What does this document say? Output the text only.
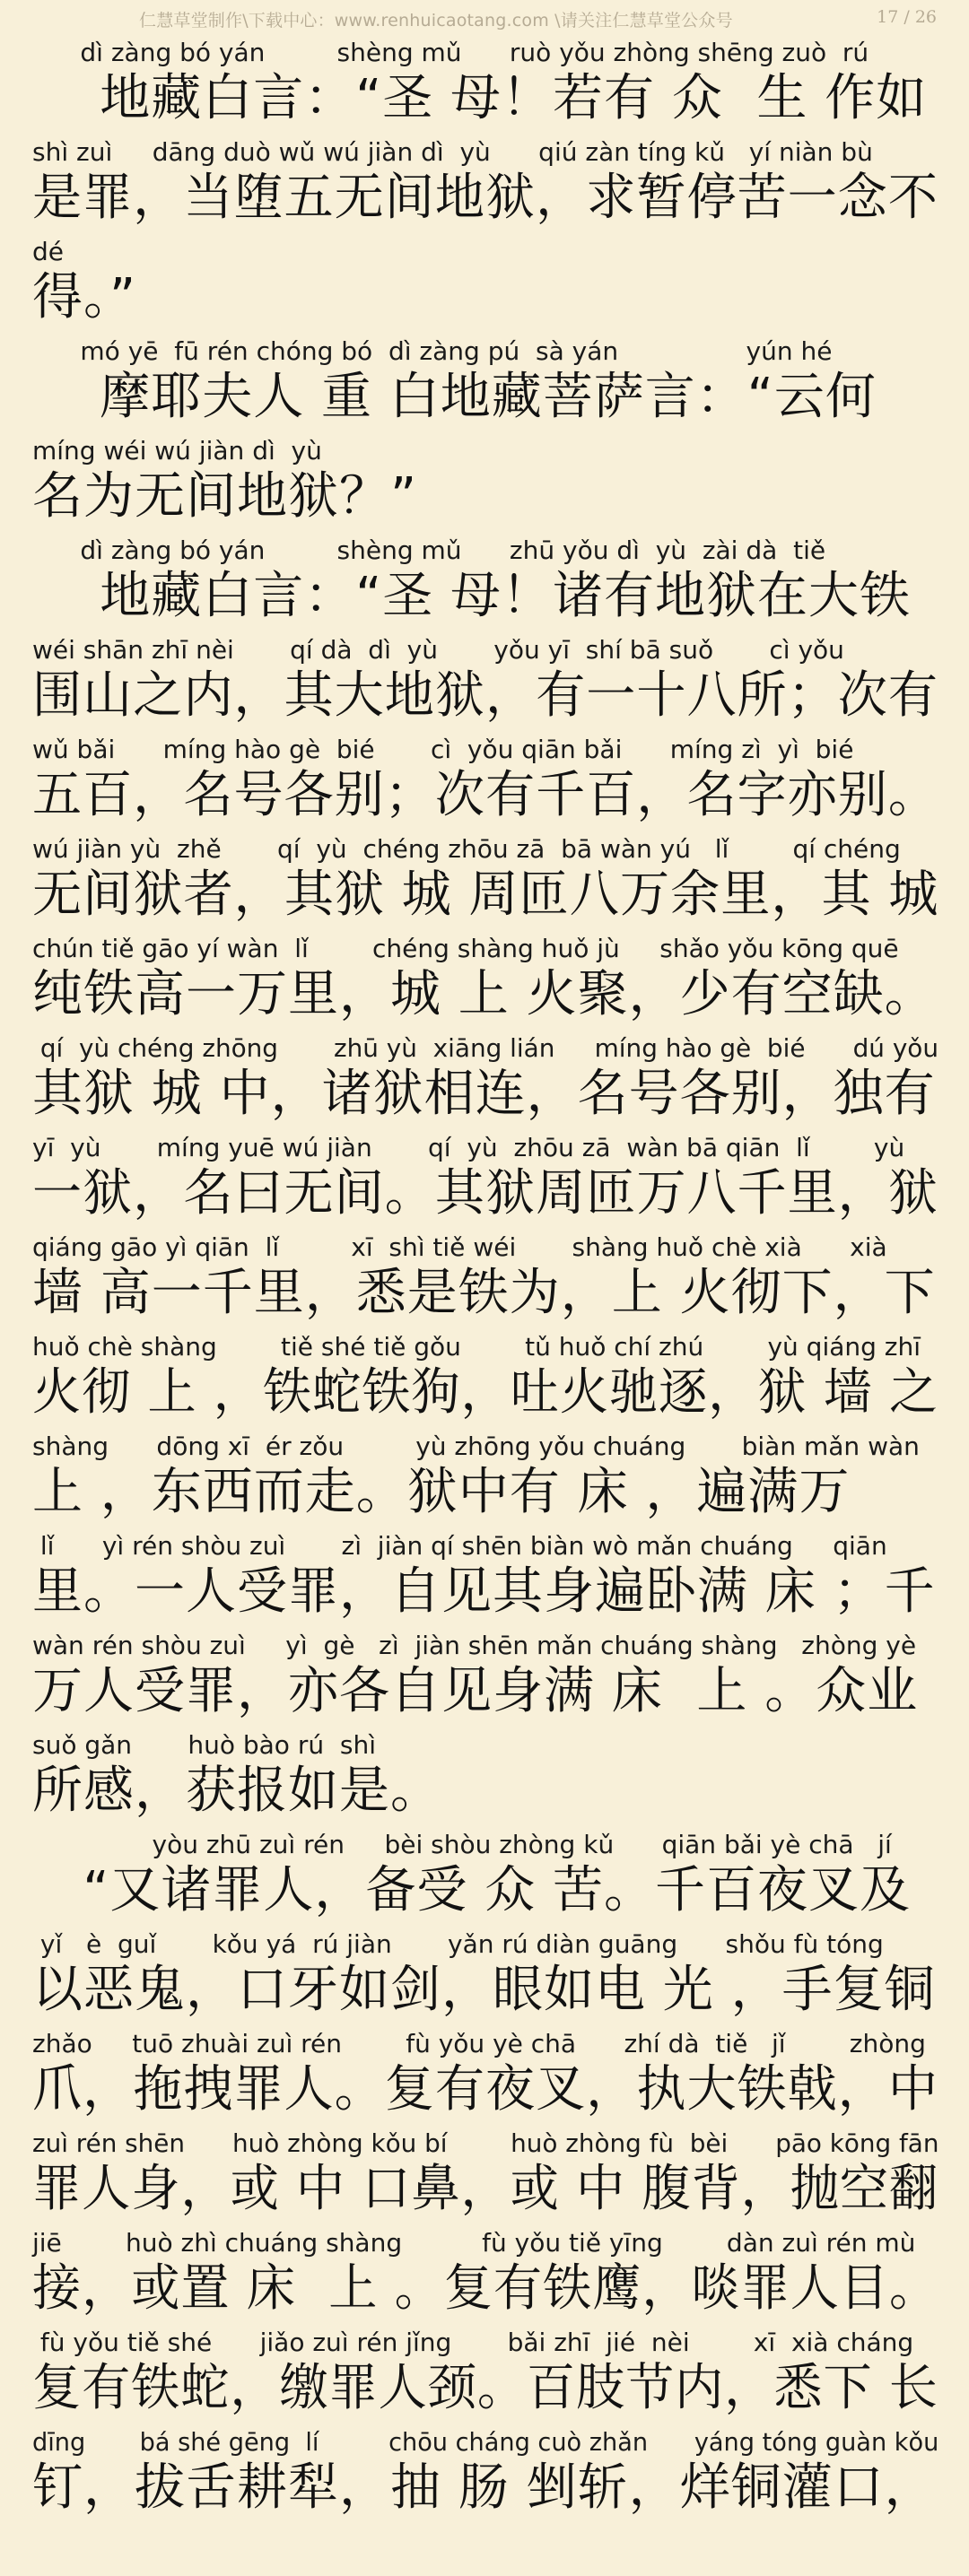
仁慧草堂制作\下载中心：www.renhuicaotang.com \请关注仁慧草堂公众号	17 / 26
dì zàng bó yán         shèng mǔ      ruò yǒu zhòng shēng zuò  rú
地藏白言：“圣 母！若有 众  生 作如
shì zuì     dāng duò wǔ wú jiàn dì  yù      qiú zàn tíng kǔ   yí niàn bù
是罪，当堕五无间地狱，求暂停苦一念不
dé
得。”
mó yē  fū rén chóng bó  dì zàng pú  sà yán                yún hé
摩耶夫人 重 白地藏菩萨言：“云何
míng wéi wú jiàn dì  yù
名为无间地狱？”
dì zàng bó yán         shèng mǔ      zhū yǒu dì  yù  zài dà  tiě
地藏白言：“圣 母！诸有地狱在大铁
wéi shān zhī nèi       qí dà  dì  yù       yǒu yī  shí bā suǒ       cì yǒu
围山之内，其大地狱，有一十八所；次有
wǔ bǎi      míng hào gè  bié       cì  yǒu qiān bǎi      míng zì  yì  bié
五百，名号各别；次有千百，名字亦别。
wú jiàn yù  zhě       qí  yù  chéng zhōu zā  bā wàn yú   lǐ        qí chéng
无间狱者，其狱 城 周匝八万余里，其 城
chún tiě gāo yí wàn  lǐ        chéng shàng huǒ jù     shǎo yǒu kōng quē
纯铁高一万里，城 上 火聚，少有空缺。
qí  yù chéng zhōng       zhū yù  xiāng lián     míng hào gè  bié      dú yǒu
其狱 城 中，诸狱相连，名号各别，独有
yī  yù       míng yuē wú jiàn       qí  yù  zhōu zā  wàn bā qiān  lǐ        yù
一狱，名曰无间。其狱周匝万八千里，狱
qiáng gāo yì qiān  lǐ         xī  shì tiě wéi       shàng huǒ chè xià      xià
墙 高一千里，悉是铁为，上 火彻下，下
huǒ chè shàng        tiě shé tiě gǒu        tǔ huǒ chí zhú        yù qiáng zhī
火彻 上 ，铁蛇铁狗，吐火驰逐，狱 墙 之
shàng      dōng xī  ér zǒu         yù zhōng yǒu chuáng       biàn mǎn wàn
上 ，东西而走。狱中有 床 ，遍满万
lǐ      yì rén shòu zuì       zì  jiàn qí shēn biàn wò mǎn chuáng     qiān
里。一人受罪，自见其身遍卧满 床 ；千
wàn rén shòu zuì     yì  gè   zì  jiàn shēn mǎn chuáng shàng   zhòng yè
万人受罪，亦各自见身满 床  上 。众业
suǒ gǎn       huò bào rú  shì
所感，获报如是。
yòu zhū zuì rén     bèi shòu zhòng kǔ      qiān bǎi yè chā   jí
“又诸罪人，备受 众 苦。千百夜叉及
yǐ   è  guǐ       kǒu yá  rú jiàn       yǎn rú diàn guāng      shǒu fù tóng
以恶鬼，口牙如剑，眼如电 光 ，手复铜
zhǎo     tuō zhuài zuì rén        fù yǒu yè chā      zhí dà  tiě   jǐ        zhòng
爪，拖拽罪人。复有夜叉，执大铁戟，中
zuì rén shēn      huò zhòng kǒu bí        huò zhòng fù  bèi      pāo kōng fān
罪人身，或 中 口鼻，或 中 腹背，抛空翻
jiē        huò zhì chuáng shàng          fù yǒu tiě yīng        dàn zuì rén mù
接，或置 床  上 。复有铁鹰，啖罪人目。
fù yǒu tiě shé      jiǎo zuì rén jǐng       bǎi zhī  jié  nèi        xī  xià cháng
复有铁蛇，缴罪人颈。百肢节内，悉下 长
dīng       bá shé gēng  lí         chōu cháng cuò zhǎn      yáng tóng guàn kǒu
钉，拔舌耕犁，抽 肠 剉斩，烊铜灌口，
